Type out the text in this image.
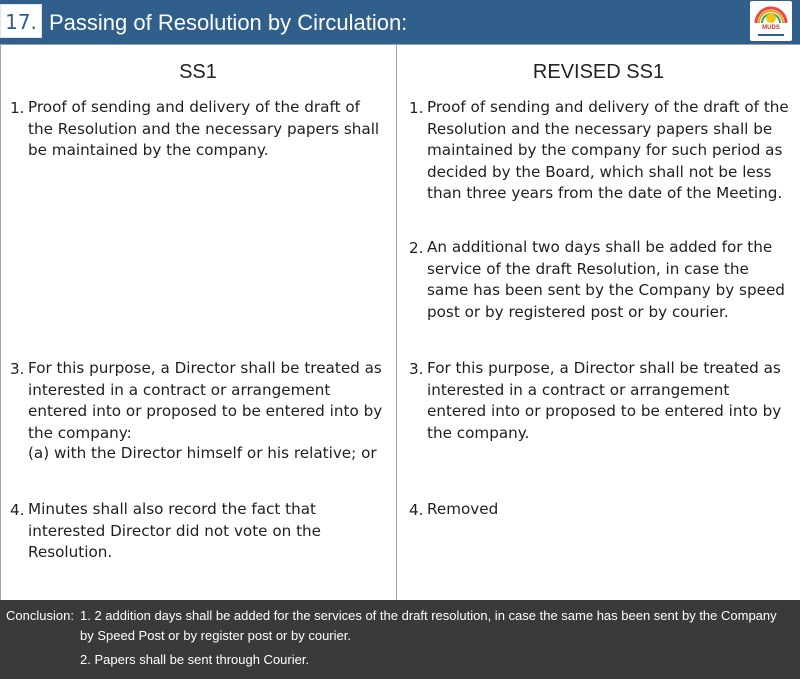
17. Passing of Resolution by Circulation:	MUDS
SS1	REVISED SS1
1. Proof of sending and delivery of the draft of the Resolution and the necessary papers shall be maintained by the company.
3. For this purpose, a Director shall be treated as interested in a contract or arrangement entered into or proposed to be entered into by the company:
(a) with the Director himself or his relative; or
4. Minutes shall also record the fact that interested Director did not vote on the Resolution.
1. Proof of sending and delivery of the draft of the Resolution and the necessary papers shall be maintained by the company for such period as decided by the Board, which shall not be less than three years from the date of the Meeting.
2. An additional two days shall be added for the service of the draft Resolution, in case the same has been sent by the Company by speed post or by registered post or by courier.
3. For this purpose, a Director shall be treated as interested in a contract or arrangement entered into or proposed to be entered into by the company.
4. Removed
Conclusion: 1. 2 addition days shall be added for the services of the draft resolution, in case the same has been sent by the Company by Speed Post or by register post or by courier.
2. Papers shall be sent through Courier.
